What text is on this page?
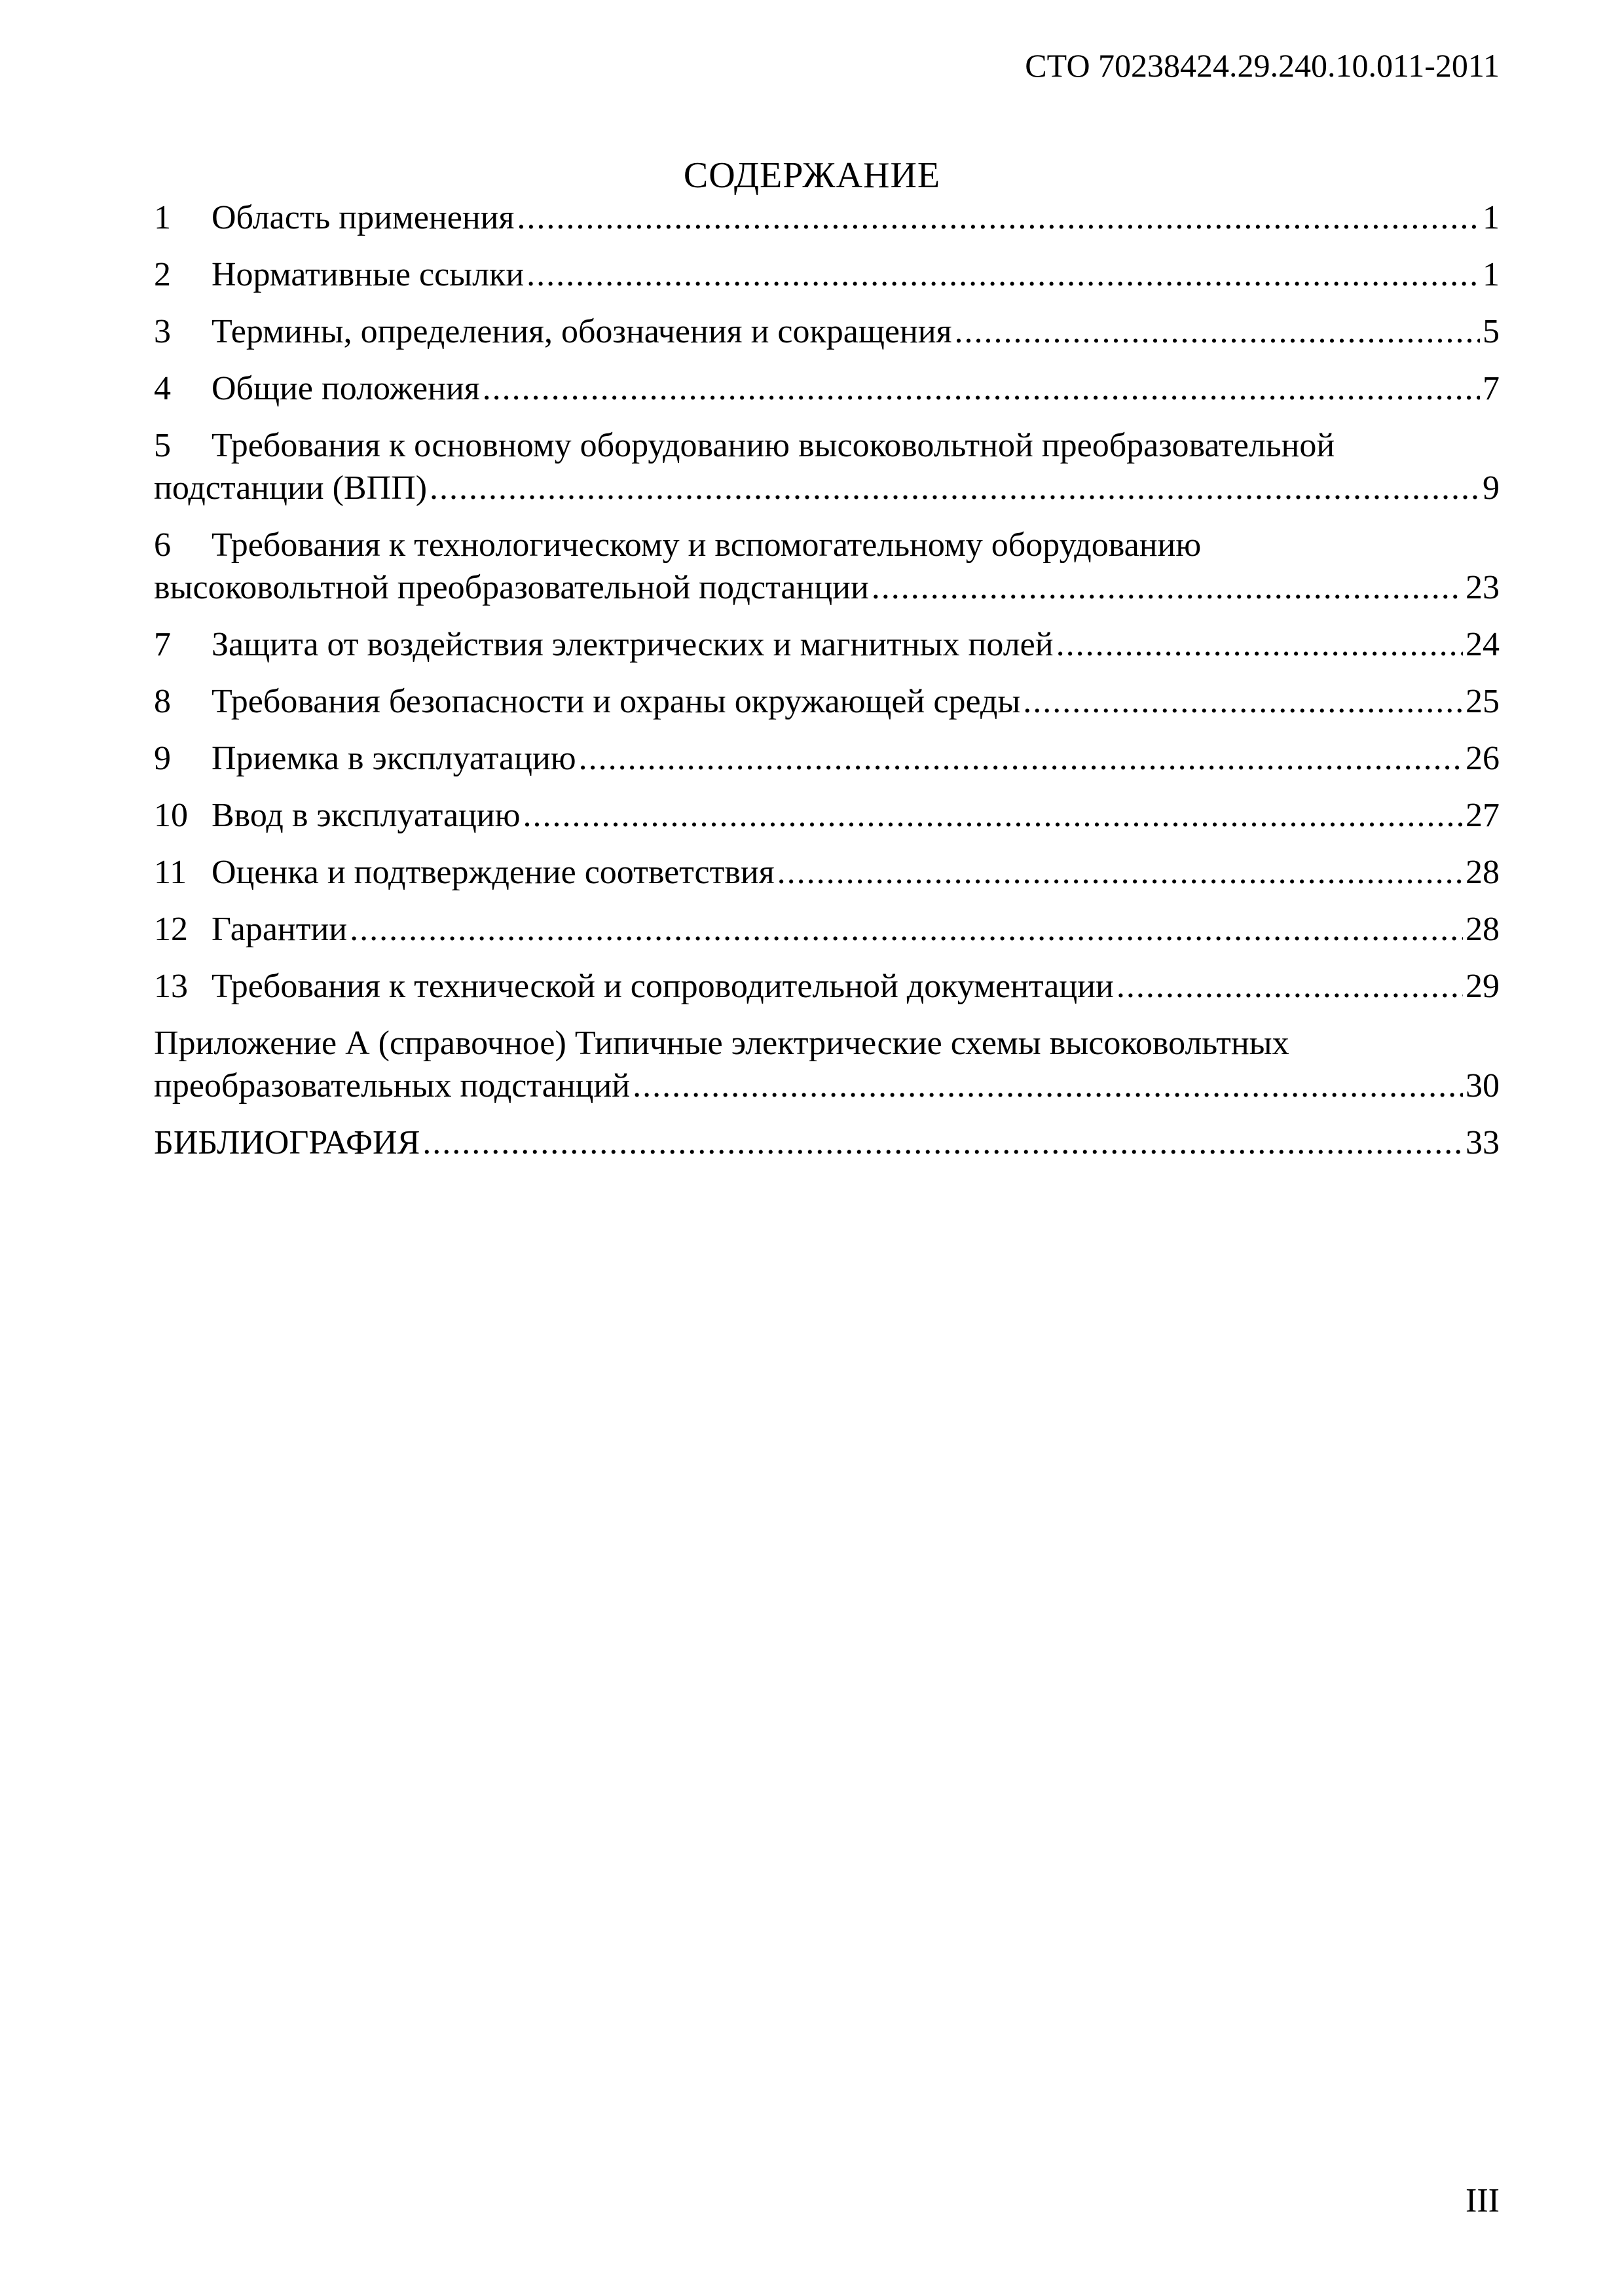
СТО 70238424.29.240.10.011-2011
СОДЕРЖАНИЕ
1	Область применения .....	1
2	Нормативные ссылки .....	1
3	Термины, определения, обозначения и сокращения .....	5
4	Общие положения .....	7
5	Требования к основному оборудованию высоковольтной преобразовательной
подстанции (ВПП) .....	9
6	Требования к технологическому и вспомогательному оборудованию
высоковольтной преобразовательной подстанции .....	23
7	Защита от воздействия электрических и магнитных полей .....	24
8	Требования безопасности и охраны окружающей среды .....	25
9	Приемка в эксплуатацию .....	26
10 Ввод в эксплуатацию .....	27
11 Оценка и подтверждение соответствия .....	28
12 Гарантии .....	28
13 Требования к технической и сопроводительной документации .....	29
Приложение А (справочное) Типичные электрические схемы высоковольтных
преобразовательных подстанций .....	30
БИБЛИОГРАФИЯ .....	33
III
